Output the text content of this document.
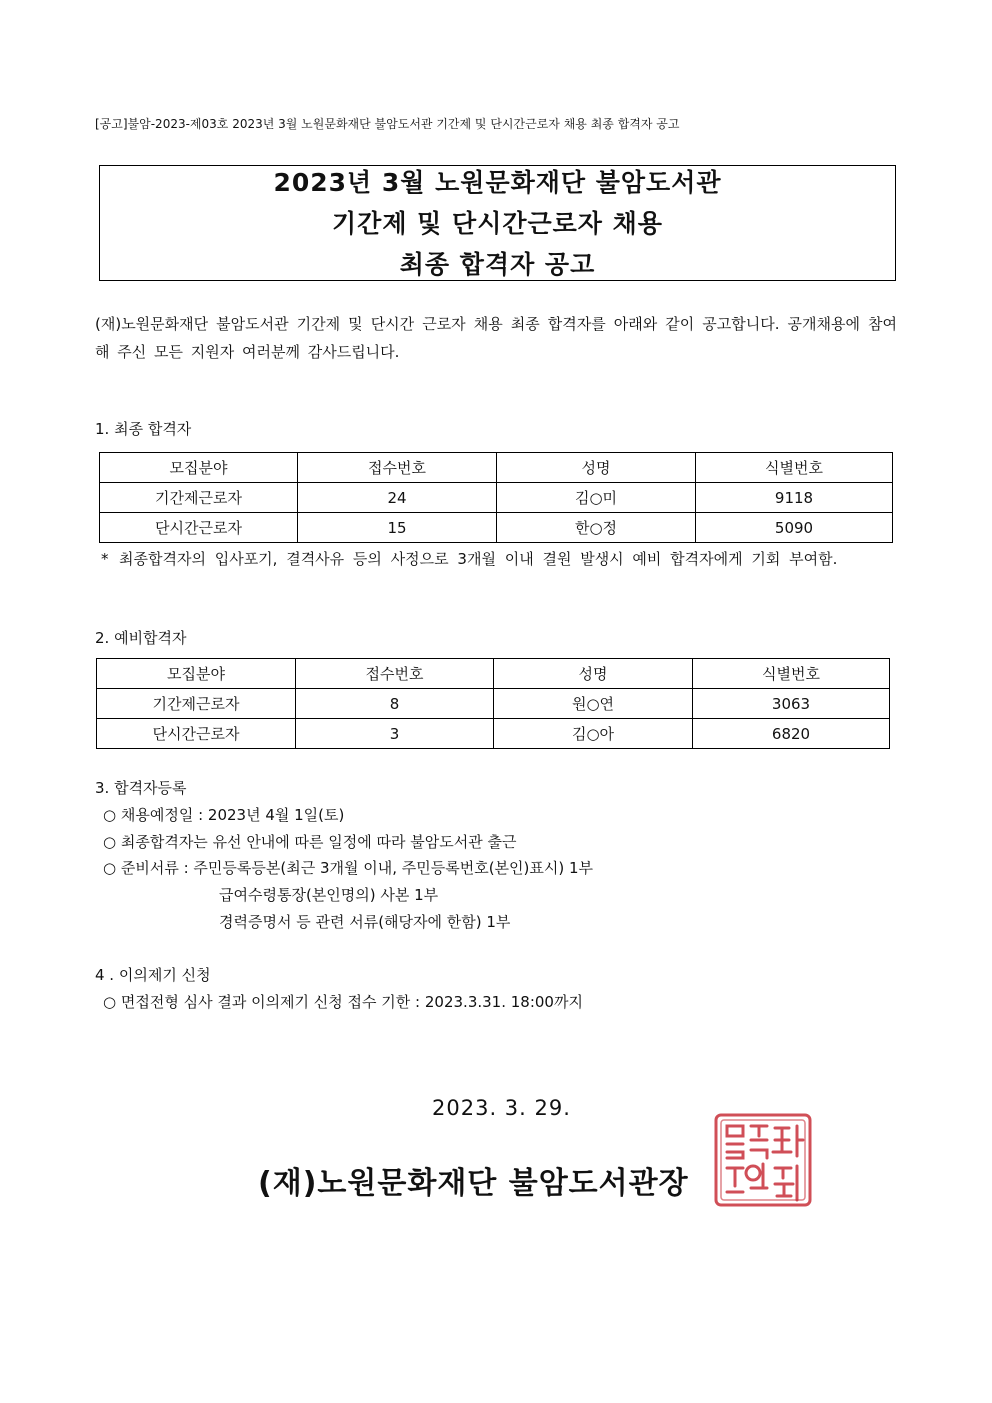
[공고]불암-2023-제03호 2023년 3월 노원문화재단 불암도서관 기간제 및 단시간근로자 채용 최종 합격자 공고
2023년 3월 노원문화재단 불암도서관
기간제 및 단시간근로자 채용
최종 합격자 공고
(재)노원문화재단 불암도서관 기간제 및 단시간 근로자 채용 최종 합격자를 아래와 같이 공고합니다. 공개채용에 참여해 주신 모든 지원자 여러분께 감사드립니다.
1. 최종 합격자
모집분야	접수번호	성명	식별번호
기간제근로자	24	김○미	9118
단시간근로자	15	한○정	5090
* 최종합격자의 입사포기, 결격사유 등의 사정으로 3개월 이내 결원 발생시 예비 합격자에게 기회 부여함.
2. 예비합격자
모집분야	접수번호	성명	식별번호
기간제근로자	8	원○연	3063
단시간근로자	3	김○아	6820
3. 합격자등록
○ 채용예정일 : 2023년 4월 1일(토)
○ 최종합격자는 유선 안내에 따른 일정에 따라 불암도서관 출근
○ 준비서류 : 주민등록등본(최근 3개월 이내, 주민등록번호(본인)표시) 1부
급여수령통장(본인명의) 사본 1부
경력증명서 등 관련 서류(해당자에 한함) 1부
4 . 이의제기 신청
○ 면접전형 심사 결과 이의제기 신청 접수 기한 : 2023.3.31. 18:00까지
2023. 3. 29.
(재)노원문화재단 불암도서관장
